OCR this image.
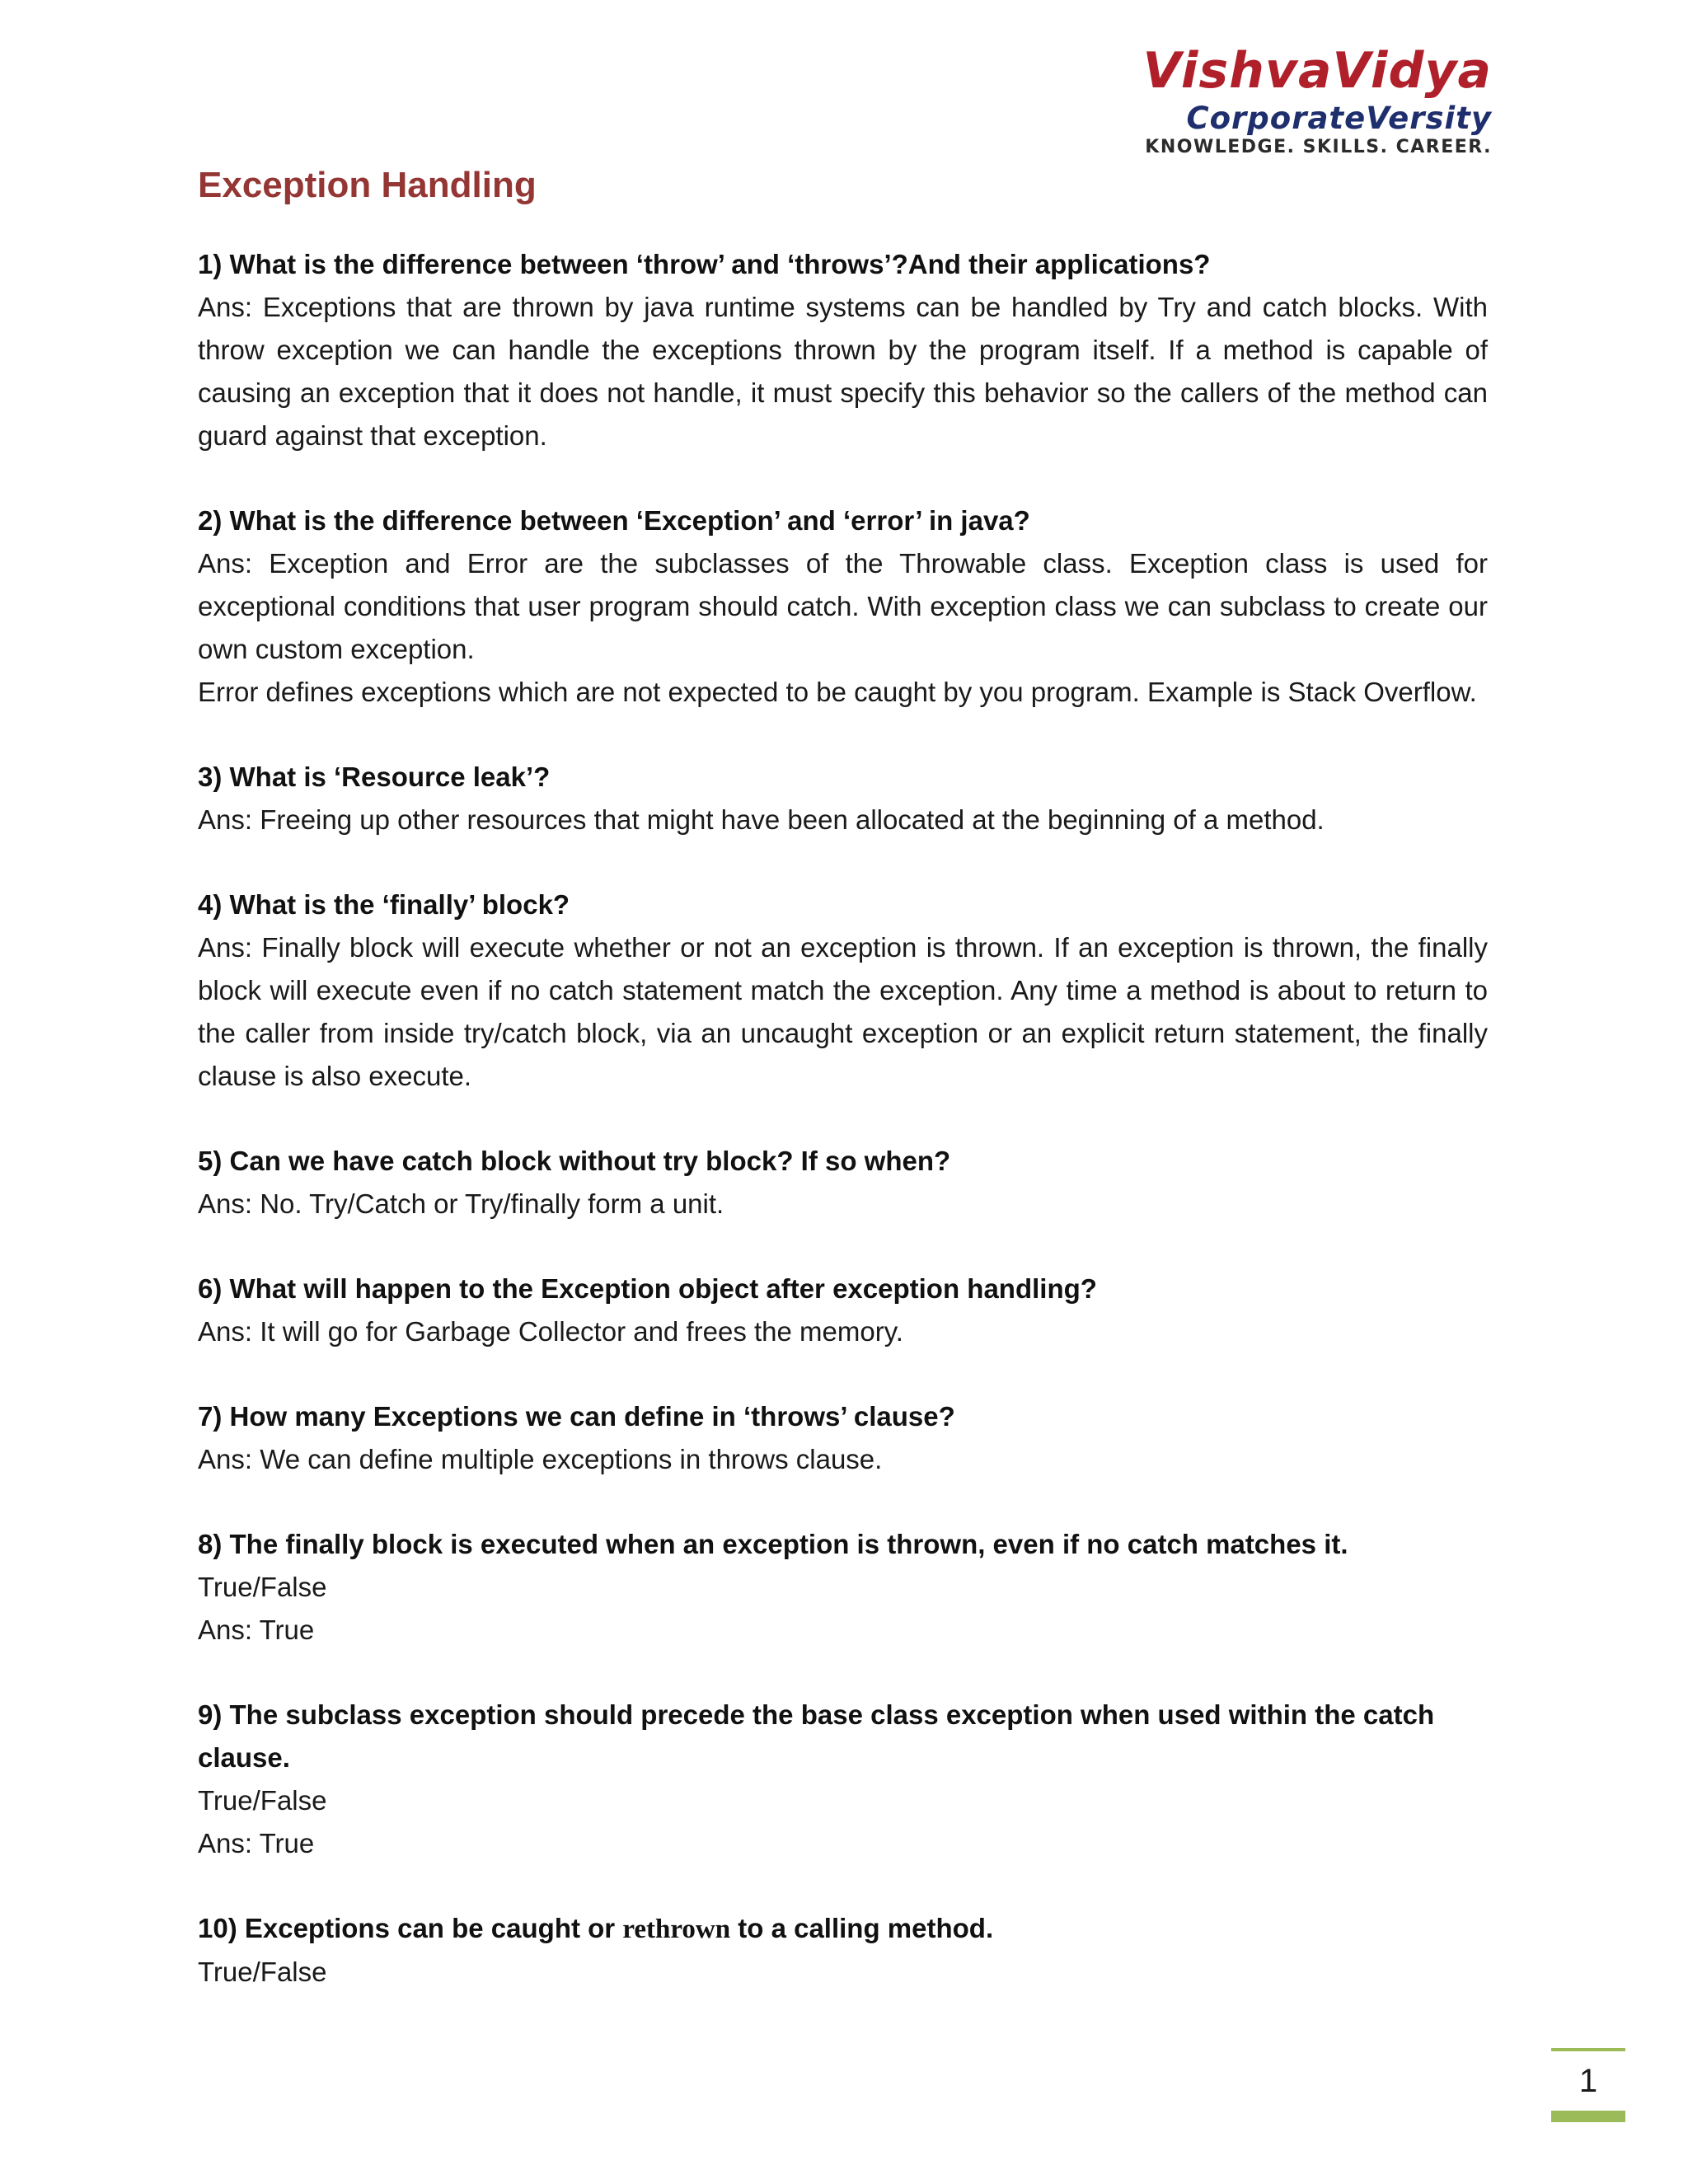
VishvaVidya
CorporateVersity
KNOWLEDGE. SKILLS. CAREER.
Exception Handling

1) What is the difference between ‘throw’ and ‘throws’?And their applications?

Ans: Exceptions that are thrown by java runtime systems can be handled by Try and catch blocks. With throw exception we can handle the exceptions thrown by the program itself. If a method is capable of causing an exception that it does not handle, it must specify this behavior so the callers of the method can guard against that exception.

2) What is the difference between ‘Exception’ and ‘error’ in java?

Ans: Exception and Error are the subclasses of the Throwable class. Exception class is used for exceptional conditions that user program should catch. With exception class we can subclass to create our own custom exception.

Error defines exceptions which are not expected to be caught by you program. Example is Stack Overflow.

3) What is ‘Resource leak’?

Ans: Freeing up other resources that might have been allocated at the beginning of a method.

4) What is the ‘finally’ block?

Ans: Finally block will execute whether or not an exception is thrown. If an exception is thrown, the finally block will execute even if no catch statement match the exception. Any time a method is about to return to the caller from inside try/catch block, via an uncaught exception or an explicit return statement, the finally clause is also execute.

5) Can we have catch block without try block? If so when?

Ans: No. Try/Catch or Try/finally form a unit.

6) What will happen to the Exception object after exception handling?

Ans: It will go for Garbage Collector and frees the memory.

7) How many Exceptions we can define in ‘throws’ clause?

Ans: We can define multiple exceptions in throws clause.

8) The finally block is executed when an exception is thrown, even if no catch matches it.

True/False

Ans: True

9) The subclass exception should precede the base class exception when used within the catch clause.

True/False

Ans: True

10) Exceptions can be caught or rethrown to a calling method.

True/False

1
